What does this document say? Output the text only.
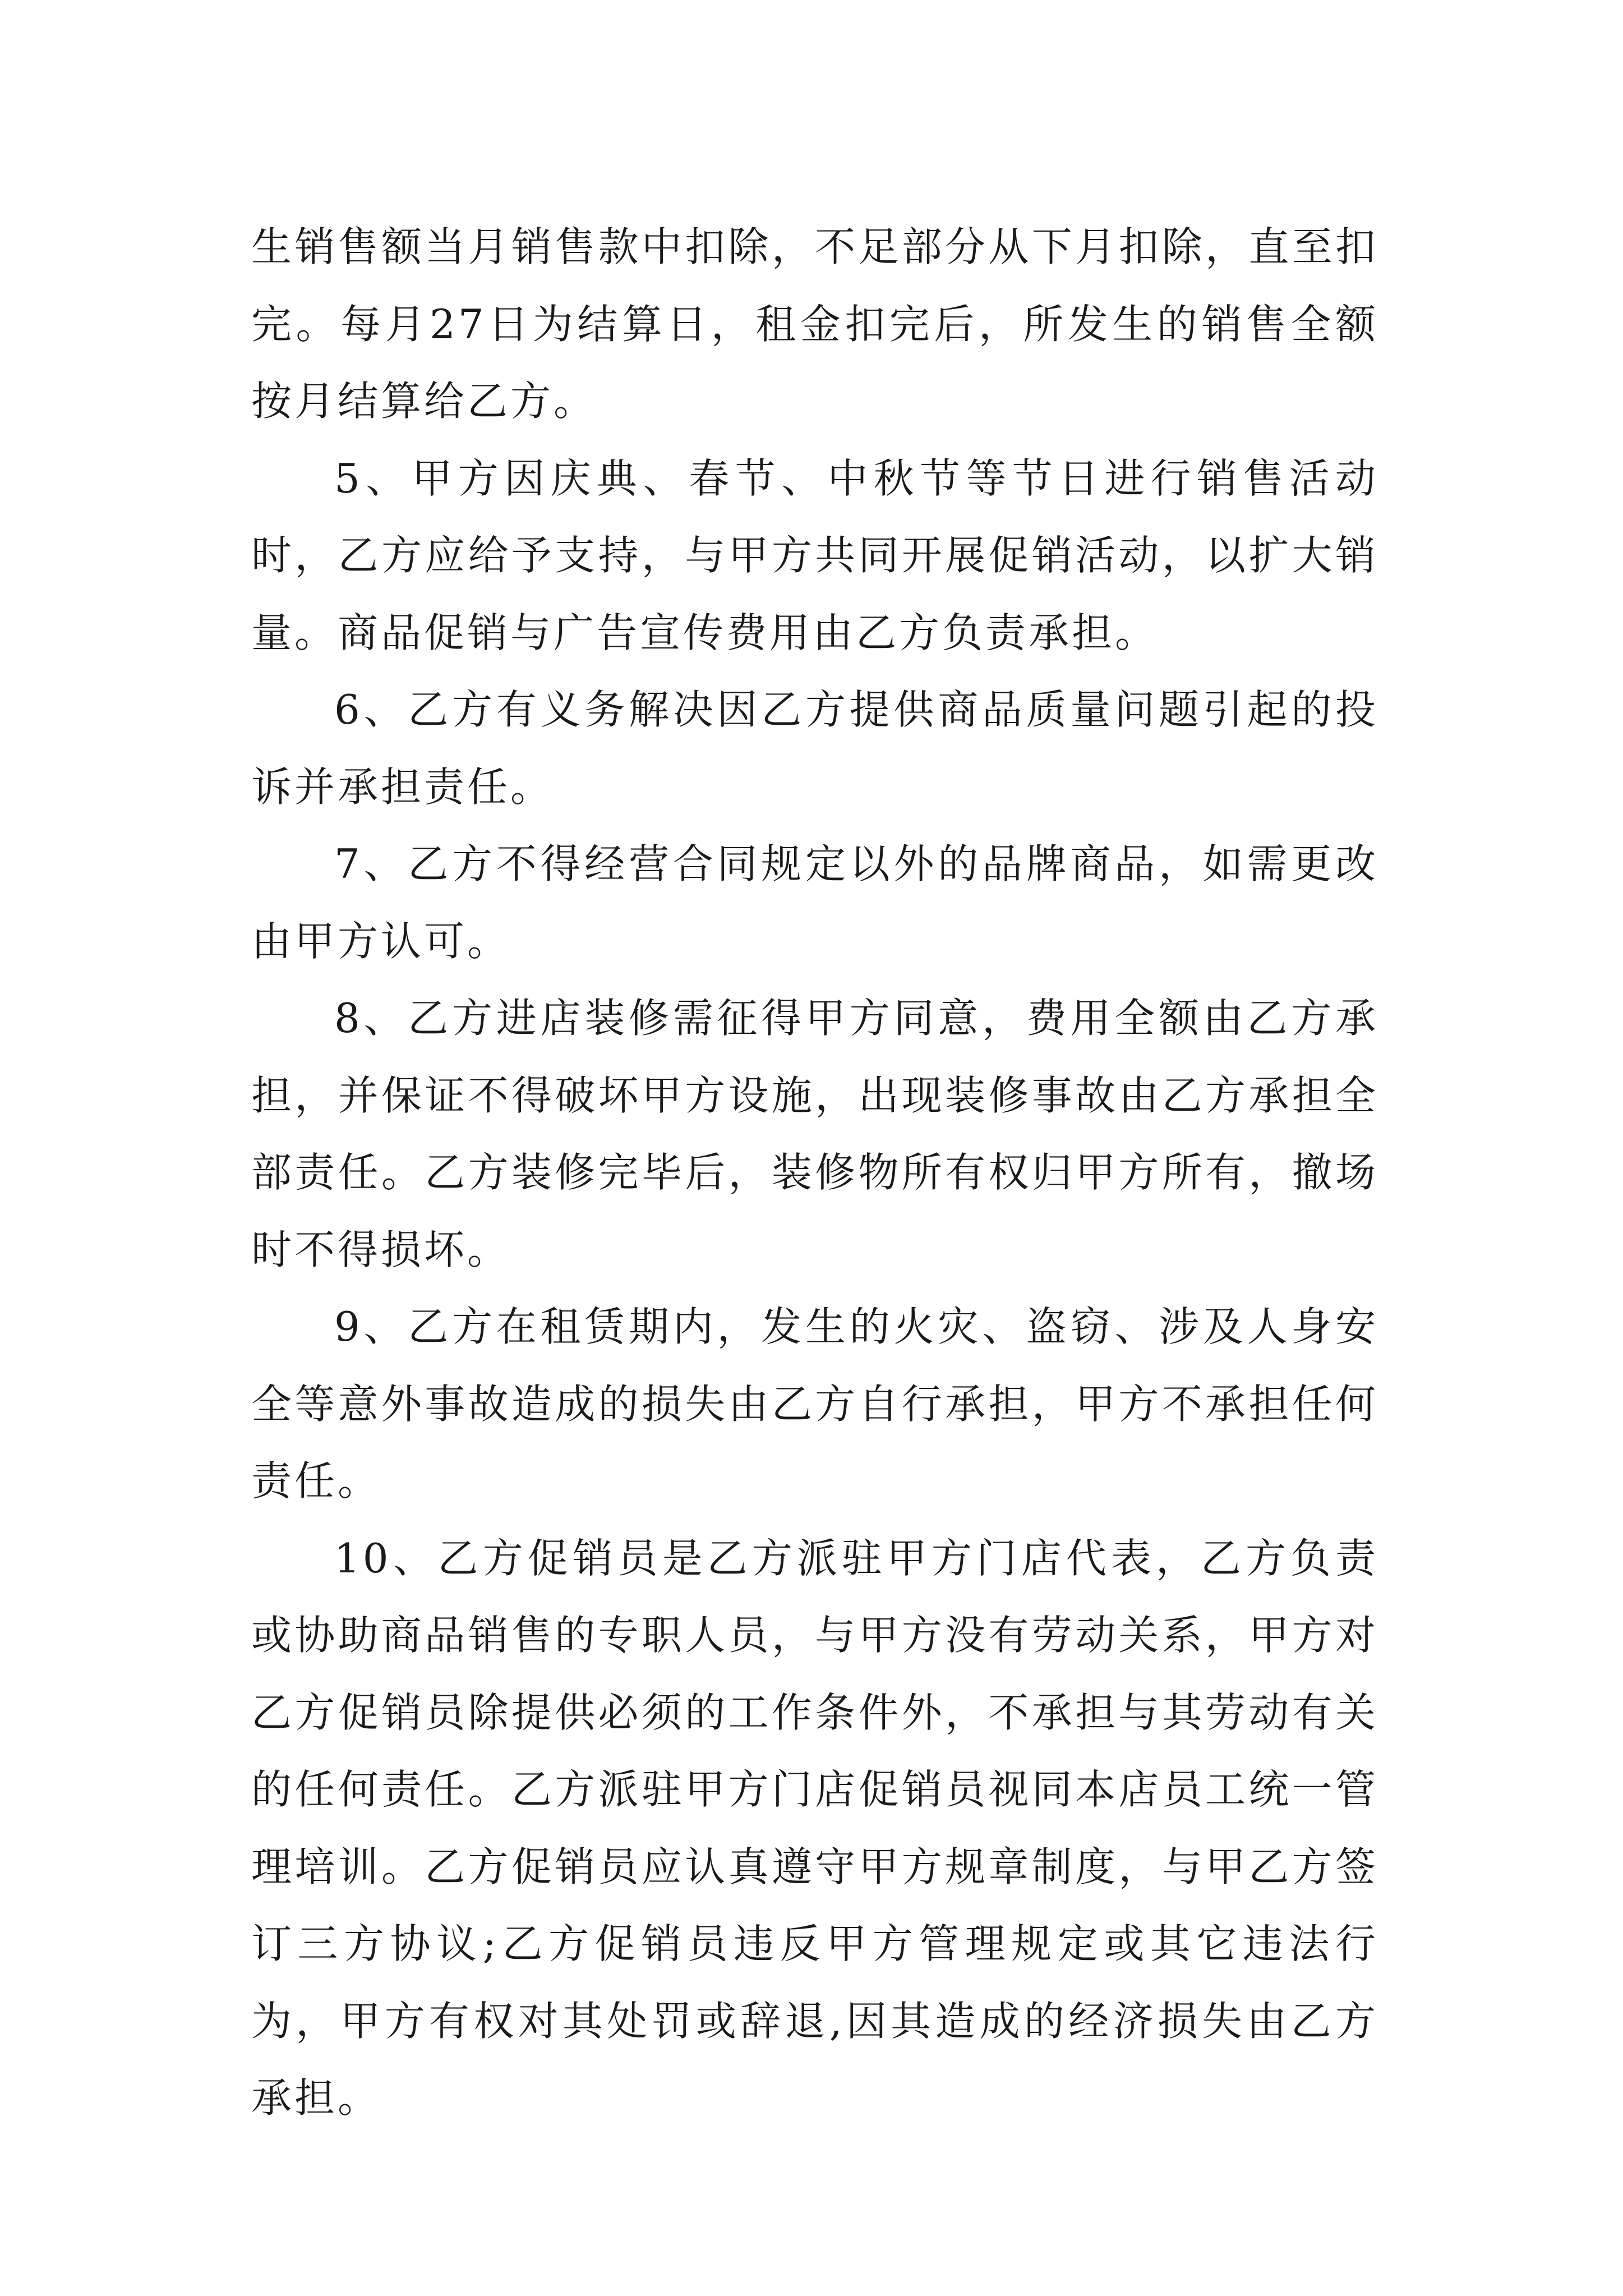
生销售额当月销售款中扣除，不足部分从下月扣除，直至扣完。每月27日为结算日，租金扣完后，所发生的销售全额按月结算给乙方。

5、甲方因庆典、春节、中秋节等节日进行销售活动时，乙方应给予支持，与甲方共同开展促销活动，以扩大销量。商品促销与广告宣传费用由乙方负责承担。

6、乙方有义务解决因乙方提供商品质量问题引起的投诉并承担责任。

7、乙方不得经营合同规定以外的品牌商品，如需更改由甲方认可。

8、乙方进店装修需征得甲方同意，费用全额由乙方承担，并保证不得破坏甲方设施，出现装修事故由乙方承担全部责任。乙方装修完毕后，装修物所有权归甲方所有，撤场时不得损坏。

9、乙方在租赁期内，发生的火灾、盗窃、涉及人身安全等意外事故造成的损失由乙方自行承担，甲方不承担任何责任。

10、乙方促销员是乙方派驻甲方门店代表，乙方负责或协助商品销售的专职人员，与甲方没有劳动关系，甲方对乙方促销员除提供必须的工作条件外，不承担与其劳动有关的任何责任。乙方派驻甲方门店促销员视同本店员工统一管理培训。乙方促销员应认真遵守甲方规章制度，与甲乙方签订三方协议;乙方促销员违反甲方管理规定或其它违法行为，甲方有权对其处罚或辞退,因其造成的经济损失由乙方承担。
